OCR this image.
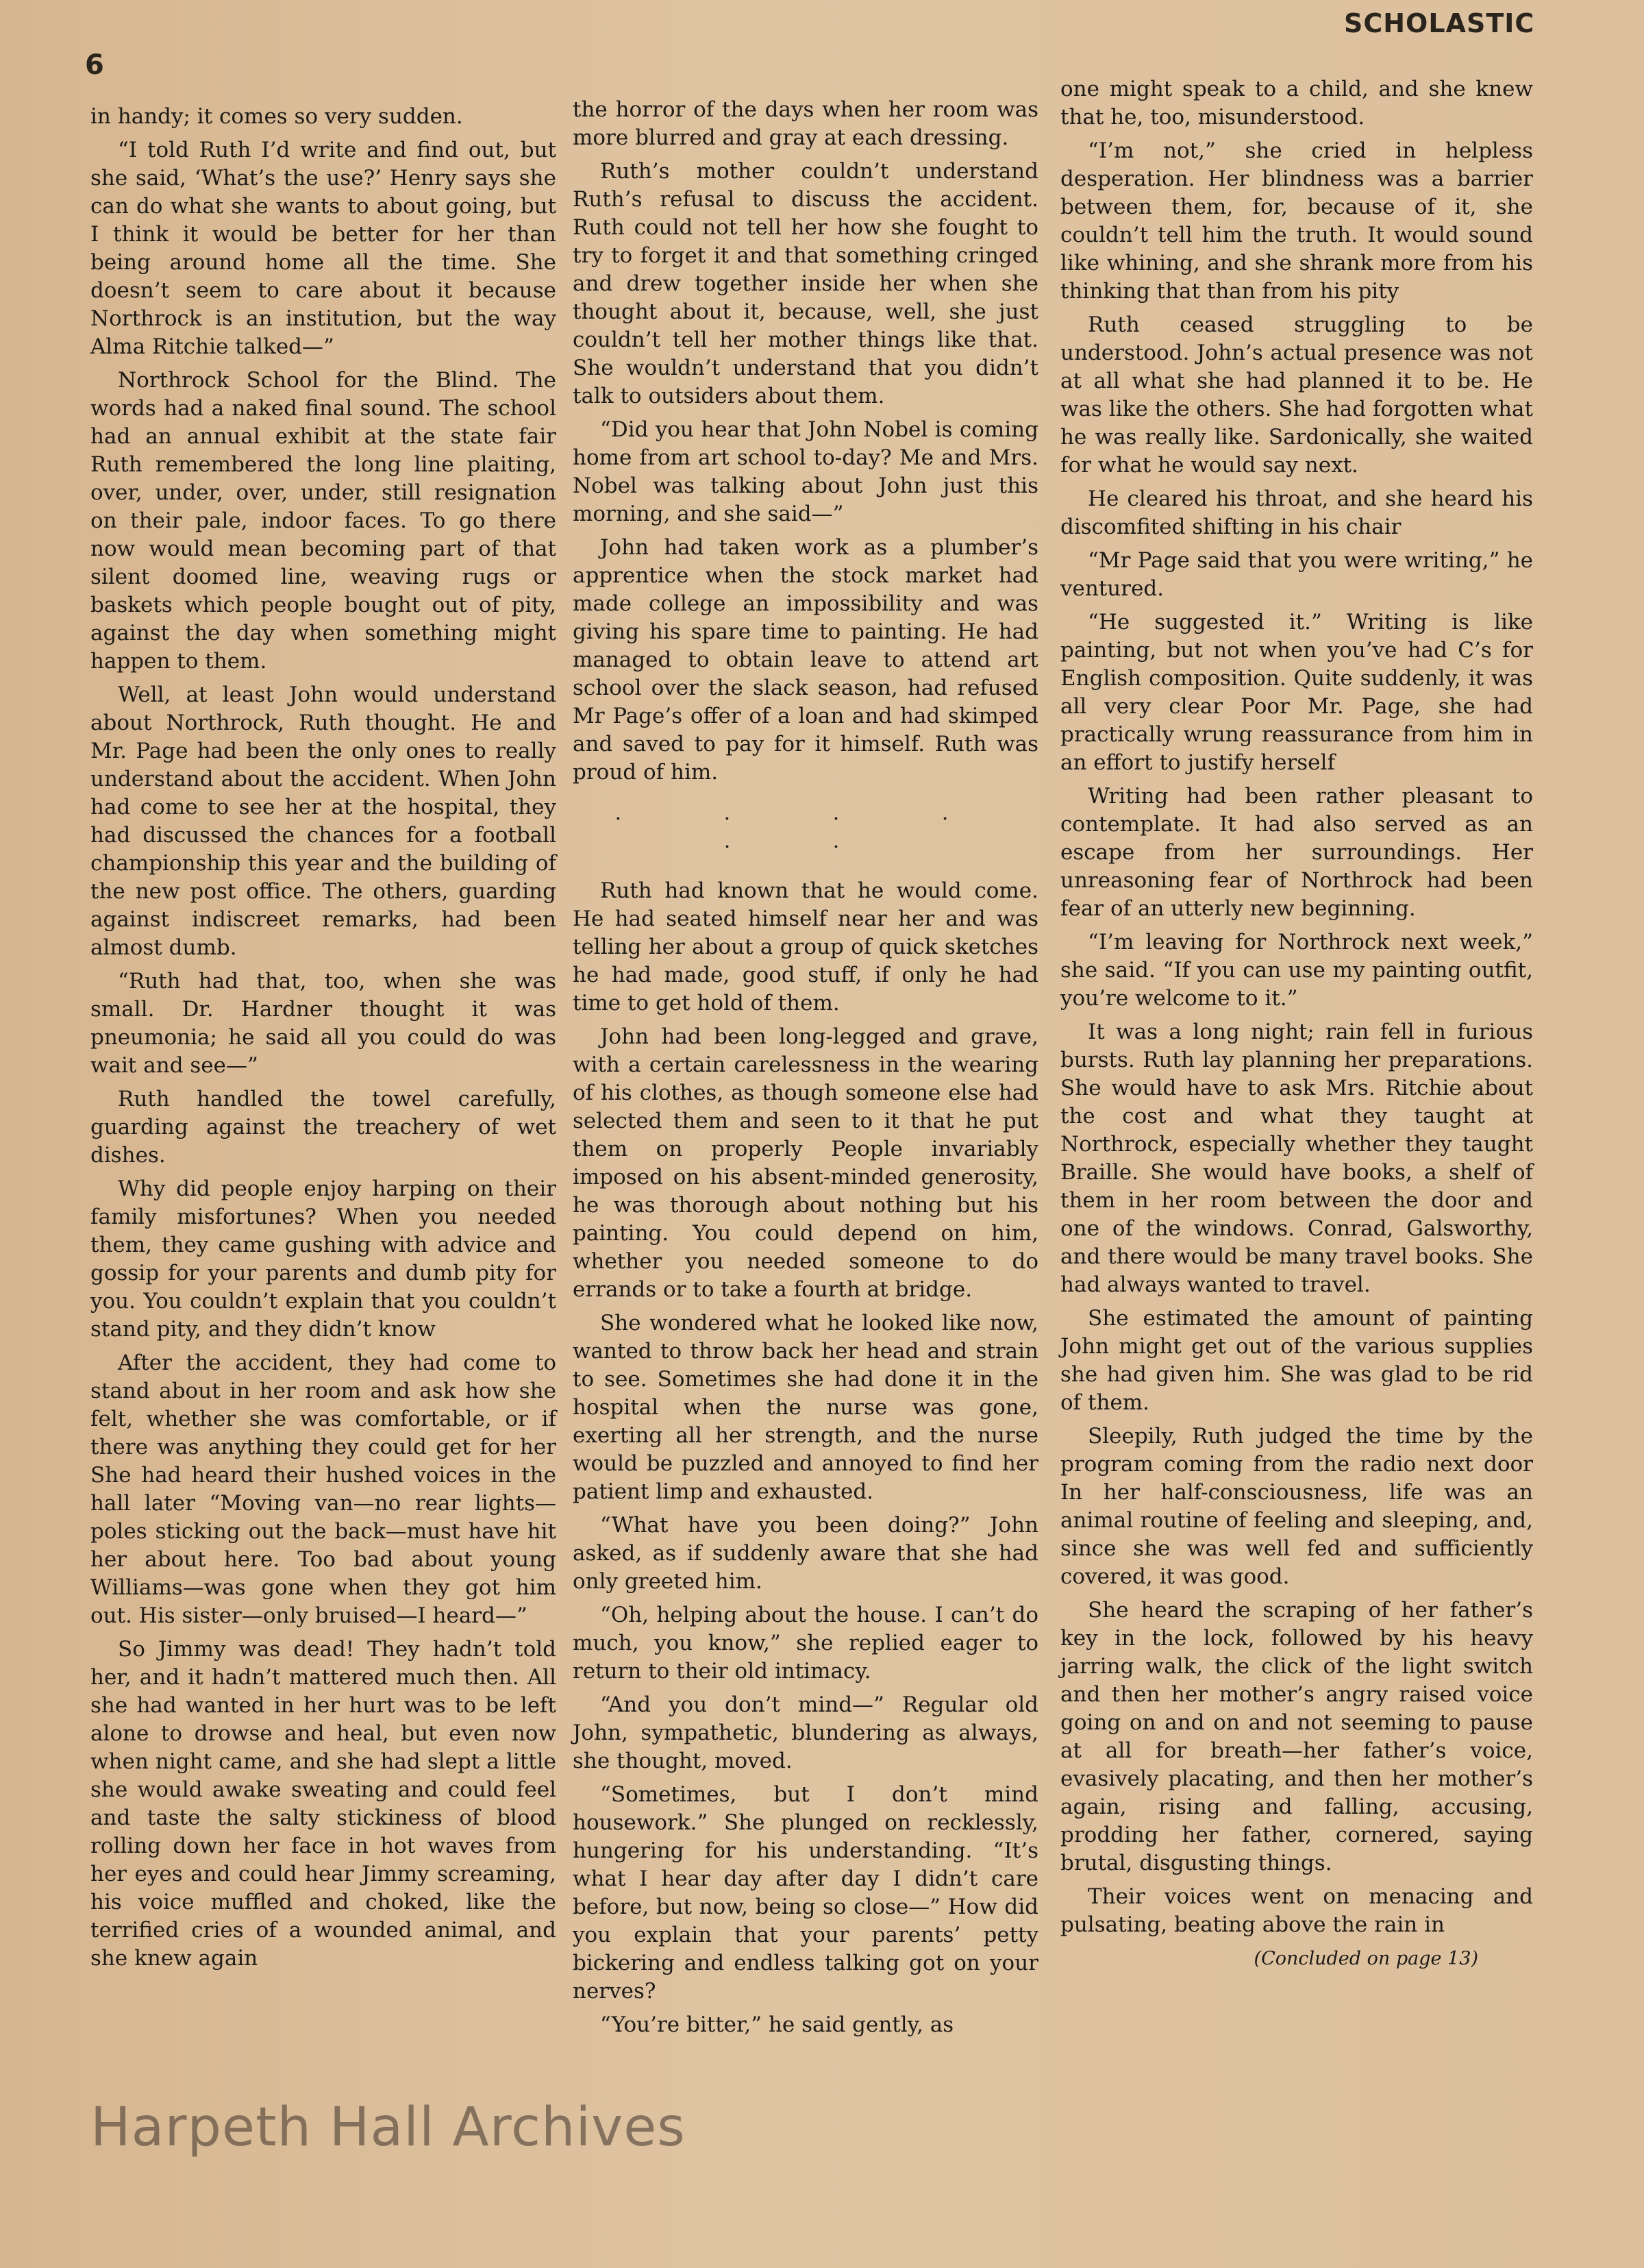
SCHOLASTIC
6

in handy; it comes so very sudden.

“I told Ruth I’d write and find out, but she said, ‘What’s the use?’ Henry says she can do what she wants to about going, but I think it would be better for her than being around home all the time. She doesn’t seem to care about it because Northrock is an institution, but the way Alma Ritchie talked—”

Northrock School for the Blind. The words had a naked final sound. The school had an annual exhibit at the state fair Ruth remembered the long line plaiting, over, under, over, under, still resignation on their pale, indoor faces. To go there now would mean becoming part of that silent doomed line, weaving rugs or baskets which people bought out of pity, against the day when something might happen to them.

Well, at least John would understand about Northrock, Ruth thought. He and Mr. Page had been the only ones to really understand about the accident. When John had come to see her at the hospital, they had discussed the chances for a football championship this year and the building of the new post office. The others, guarding against indiscreet remarks, had been almost dumb.

“Ruth had that, too, when she was small. Dr. Hardner thought it was pneumonia; he said all you could do was wait and see—”

Ruth handled the towel carefully, guarding against the treachery of wet dishes.

Why did people enjoy harping on their family misfortunes? When you needed them, they came gushing with advice and gossip for your parents and dumb pity for you. You couldn’t explain that you couldn’t stand pity, and they didn’t know

After the accident, they had come to stand about in her room and ask how she felt, whether she was comfortable, or if there was anything they could get for her She had heard their hushed voices in the hall later “Moving van—no rear lights—poles sticking out the back—must have hit her about here. Too bad about young Williams—was gone when they got him out. His sister—only bruised—I heard—”

So Jimmy was dead! They hadn’t told her, and it hadn’t mattered much then. All she had wanted in her hurt was to be left alone to drowse and heal, but even now when night came, and she had slept a little she would awake sweating and could feel and taste the salty stickiness of blood rolling down her face in hot waves from her eyes and could hear Jimmy screaming, his voice muffled and choked, like the terrified cries of a wounded animal, and she knew again

the horror of the days when her room was more blurred and gray at each dressing.

Ruth’s mother couldn’t understand Ruth’s refusal to discuss the accident. Ruth could not tell her how she fought to try to forget it and that something cringed and drew together inside her when she thought about it, because, well, she just couldn’t tell her mother things like that. She wouldn’t understand that you didn’t talk to outsiders about them.

“Did you hear that John Nobel is coming home from art school to-day? Me and Mrs. Nobel was talking about John just this morning, and she said—”

John had taken work as a plumber’s apprentice when the stock market had made college an impossibility and was giving his spare time to painting. He had managed to obtain leave to attend art school over the slack season, had refused Mr Page’s offer of a loan and had skimped and saved to pay for it himself. Ruth was proud of him.

. . . . . .

Ruth had known that he would come. He had seated himself near her and was telling her about a group of quick sketches he had made, good stuff, if only he had time to get hold of them.

John had been long-legged and grave, with a certain carelessness in the wearing of his clothes, as though someone else had selected them and seen to it that he put them on properly People invariably imposed on his absent-minded generosity, he was thorough about nothing but his painting. You could depend on him, whether you needed someone to do errands or to take a fourth at bridge.

She wondered what he looked like now, wanted to throw back her head and strain to see. Sometimes she had done it in the hospital when the nurse was gone, exerting all her strength, and the nurse would be puzzled and annoyed to find her patient limp and exhausted.

“What have you been doing?” John asked, as if suddenly aware that she had only greeted him.

“Oh, helping about the house. I can’t do much, you know,” she replied eager to return to their old intimacy.

“And you don’t mind—” Regular old John, sympathetic, blundering as always, she thought, moved.

“Sometimes, but I don’t mind housework.” She plunged on recklessly, hungering for his understanding. “It’s what I hear day after day I didn’t care before, but now, being so close—” How did you explain that your parents’ petty bickering and endless talking got on your nerves?

“You’re bitter,” he said gently, as

one might speak to a child, and she knew that he, too, misunderstood.

“I’m not,” she cried in helpless desperation. Her blindness was a barrier between them, for, because of it, she couldn’t tell him the truth. It would sound like whining, and she shrank more from his thinking that than from his pity

Ruth ceased struggling to be understood. John’s actual presence was not at all what she had planned it to be. He was like the others. She had forgotten what he was really like. Sardonically, she waited for what he would say next.

He cleared his throat, and she heard his discomfited shifting in his chair

“Mr Page said that you were writing,” he ventured.

“He suggested it.” Writing is like painting, but not when you’ve had C’s for English composition. Quite suddenly, it was all very clear Poor Mr. Page, she had practically wrung reassurance from him in an effort to justify herself

Writing had been rather pleasant to contemplate. It had also served as an escape from her surroundings. Her unreasoning fear of Northrock had been fear of an utterly new beginning.

“I’m leaving for Northrock next week,” she said. “If you can use my painting outfit, you’re welcome to it.”

It was a long night; rain fell in furious bursts. Ruth lay planning her preparations. She would have to ask Mrs. Ritchie about the cost and what they taught at Northrock, especially whether they taught Braille. She would have books, a shelf of them in her room between the door and one of the windows. Conrad, Galsworthy, and there would be many travel books. She had always wanted to travel.

She estimated the amount of painting John might get out of the various supplies she had given him. She was glad to be rid of them.

Sleepily, Ruth judged the time by the program coming from the radio next door In her half-consciousness, life was an animal routine of feeling and sleeping, and, since she was well fed and sufficiently covered, it was good.

She heard the scraping of her father’s key in the lock, followed by his heavy jarring walk, the click of the light switch and then her mother’s angry raised voice going on and on and not seeming to pause at all for breath—her father’s voice, evasively placating, and then her mother’s again, rising and falling, accusing, prodding her father, cornered, saying brutal, disgusting things.

Their voices went on menacing and pulsating, beating above the rain in

(Concluded on page 13)
Harpeth Hall Archives
